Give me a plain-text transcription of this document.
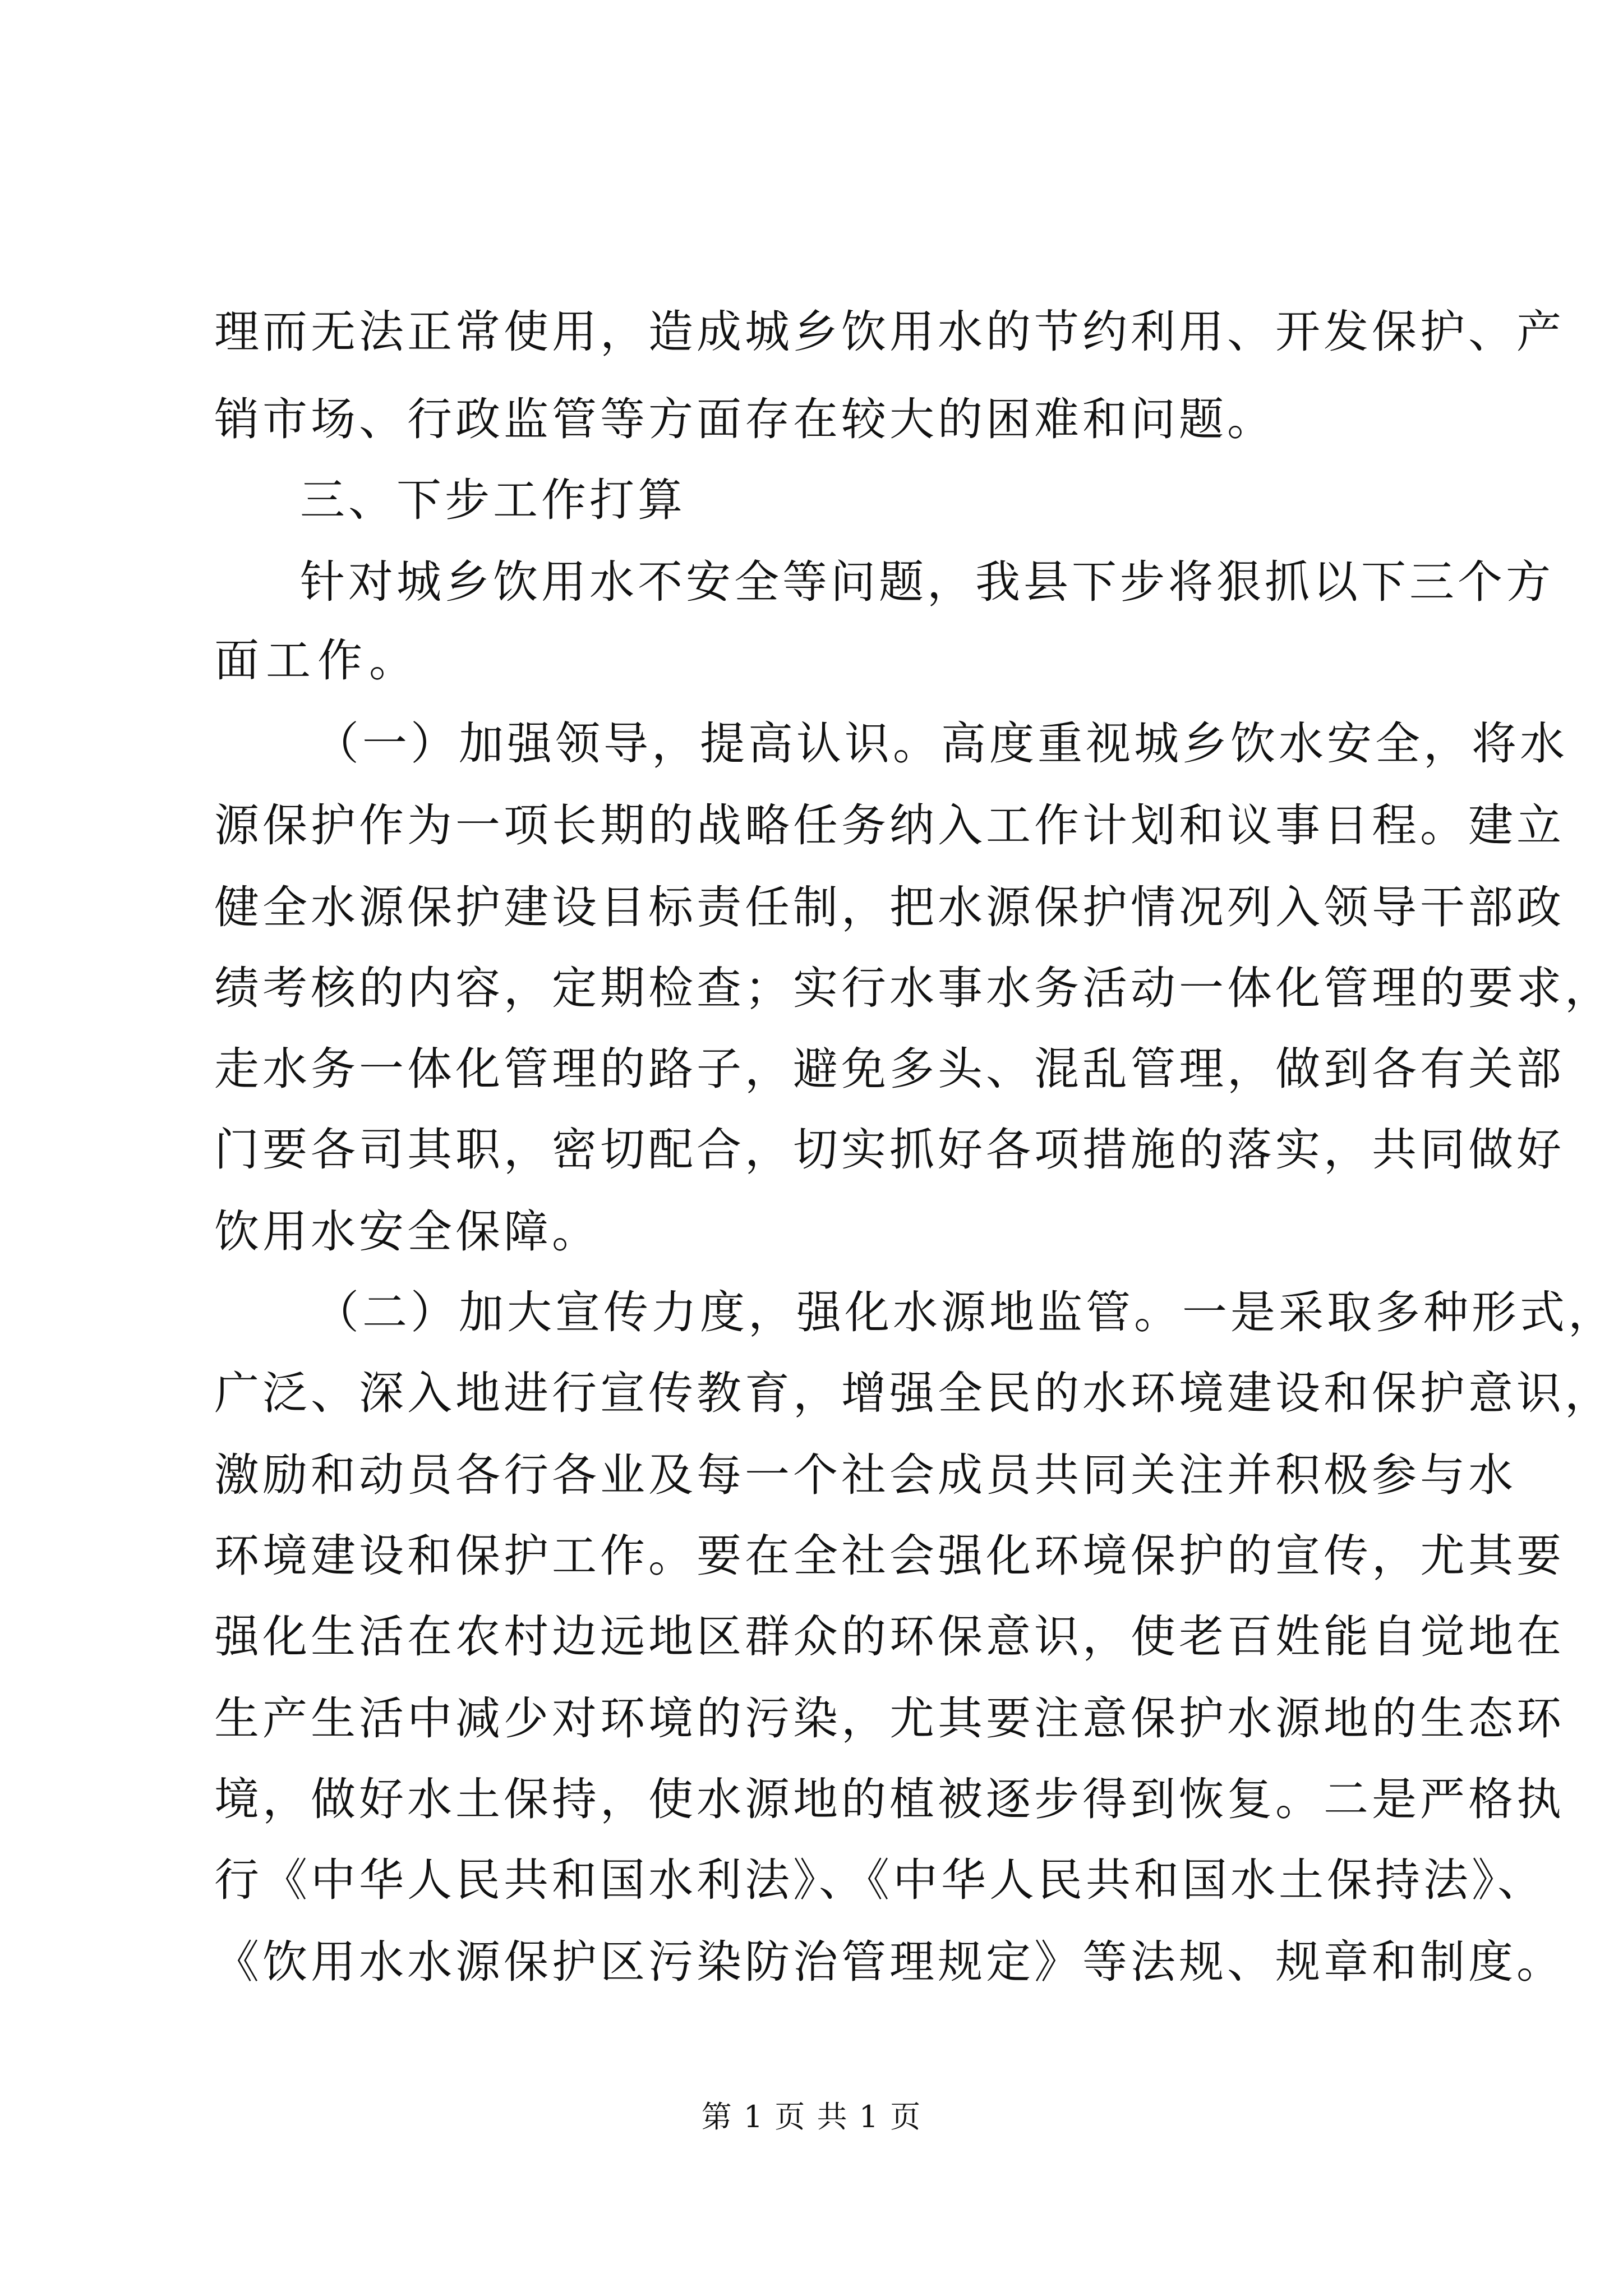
理而无法正常使用，造成城乡饮用水的节约利用、开发保护、产
销市场、行政监管等方面存在较大的困难和问题。
三、下步工作打算
针对城乡饮用水不安全等问题，我县下步将狠抓以下三个方
面工作。
（一）加强领导，提高认识。高度重视城乡饮水安全，将水
源保护作为一项长期的战略任务纳入工作计划和议事日程。建立
健全水源保护建设目标责任制，把水源保护情况列入领导干部政
绩考核的内容，定期检查；实行水事水务活动一体化管理的要求，
走水务一体化管理的路子，避免多头、混乱管理，做到各有关部
门要各司其职，密切配合，切实抓好各项措施的落实，共同做好
饮用水安全保障。
（二）加大宣传力度，强化水源地监管。一是采取多种形式，
广泛、深入地进行宣传教育，增强全民的水环境建设和保护意识，
激励和动员各行各业及每一个社会成员共同关注并积极参与水
环境建设和保护工作。要在全社会强化环境保护的宣传，尤其要
强化生活在农村边远地区群众的环保意识，使老百姓能自觉地在
生产生活中减少对环境的污染，尤其要注意保护水源地的生态环
境，做好水土保持，使水源地的植被逐步得到恢复。二是严格执
行《中华人民共和国水利法》、《中华人民共和国水土保持法》、
《饮用水水源保护区污染防治管理规定》等法规、规章和制度。
第 1 页 共 1 页
